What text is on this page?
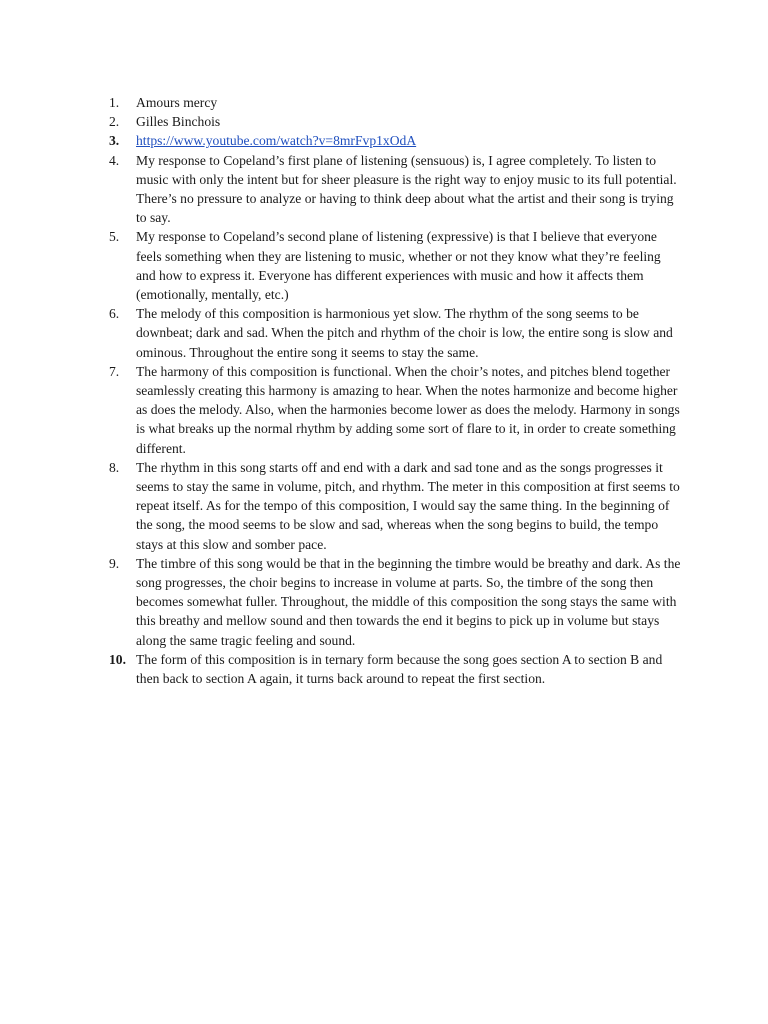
1.	Amours mercy
2.	Gilles Binchois
3.	https://www.youtube.com/watch?v=8mrFvp1xOdA
4.	My response to Copeland’s first plane of listening (sensuous) is, I agree completely. To listen to music with only the intent but for sheer pleasure is the right way to enjoy music to its full potential. There’s no pressure to analyze or having to think deep about what the artist and their song is trying to say.
5.	My response to Copeland’s second plane of listening (expressive) is that I believe that everyone feels something when they are listening to music, whether or not they know what they’re feeling and how to express it. Everyone has different experiences with music and how it affects them (emotionally, mentally, etc.)
6.	The melody of this composition is harmonious yet slow. The rhythm of the song seems to be downbeat; dark and sad. When the pitch and rhythm of the choir is low, the entire song is slow and ominous. Throughout the entire song it seems to stay the same.
7.	The harmony of this composition is functional. When the choir’s notes, and pitches blend together seamlessly creating this harmony is amazing to hear. When the notes harmonize and become higher as does the melody. Also, when the harmonies become lower as does the melody. Harmony in songs is what breaks up the normal rhythm by adding some sort of flare to it, in order to create something different.
8.	The rhythm in this song starts off and end with a dark and sad tone and as the songs progresses it seems to stay the same in volume, pitch, and rhythm. The meter in this composition at first seems to repeat itself. As for the tempo of this composition, I would say the same thing. In the beginning of the song, the mood seems to be slow and sad, whereas when the song begins to build, the tempo stays at this slow and somber pace.
9.	The timbre of this song would be that in the beginning the timbre would be breathy and dark. As the song progresses, the choir begins to increase in volume at parts. So, the timbre of the song then becomes somewhat fuller. Throughout, the middle of this composition the song stays the same with this breathy and mellow sound and then towards the end it begins to pick up in volume but stays along the same tragic feeling and sound.
10. The form of this composition is in ternary form because the song goes section A to section B and then back to section A again, it turns back around to repeat the first section.
